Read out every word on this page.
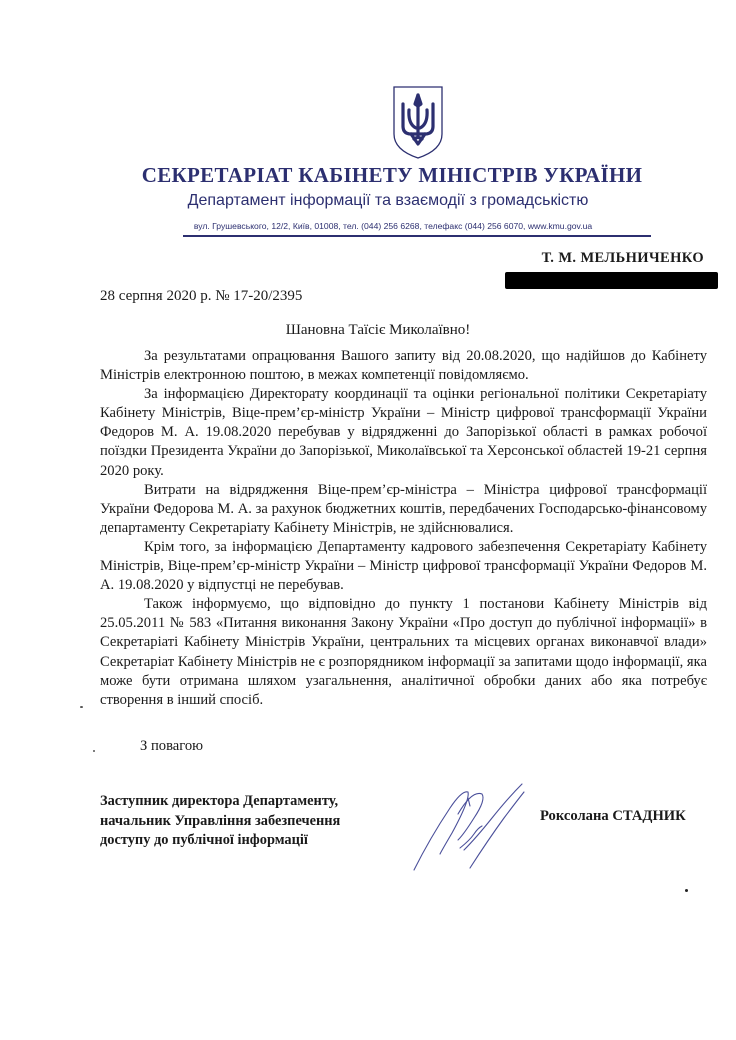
СЕКРЕТАРІАТ КАБІНЕТУ МІНІСТРІВ УКРАЇНИ
Департамент інформації та взаємодії з громадськістю
вул. Грушевського, 12/2, Київ, 01008, тел. (044) 256 6268, телефакс (044) 256 6070, www.kmu.gov.ua
Т. М. МЕЛЬНИЧЕНКО
28 серпня 2020 р. № 17-20/2395
Шановна Таїсіє Миколаївно!

За результатами опрацювання Вашого запиту від 20.08.2020, що надійшов до Кабінету Міністрів електронною поштою, в межах компетенції повідомляємо.

За інформацією Директорату координації та оцінки регіональної політики Секретаріату Кабінету Міністрів, Віце-прем’єр-міністр України – Міністр цифрової трансформації України Федоров М. А. 19.08.2020 перебував у відрядженні до Запорізької області в рамках робочої поїздки Президента України до Запорізької, Миколаївської та Херсонської областей 19-21 серпня 2020 року.

Витрати на відрядження Віце-прем’єр-міністра – Міністра цифрової трансформації України Федорова М. А. за рахунок бюджетних коштів, передбачених Господарсько-фінансовому департаменту Секретаріату Кабінету Міністрів, не здійснювалися.

Крім того, за інформацією Департаменту кадрового забезпечення Секретаріату Кабінету Міністрів, Віце-прем’єр-міністр України – Міністр цифрової трансформації України Федоров М. А. 19.08.2020 у відпустці не перебував.

Також інформуємо, що відповідно до пункту 1 постанови Кабінету Міністрів від 25.05.2011 № 583 «Питання виконання Закону України «Про доступ до публічної інформації» в Секретаріаті Кабінету Міністрів України, центральних та місцевих органах виконавчої влади» Секретаріат Кабінету Міністрів не є розпорядником інформації за запитами щодо інформації, яка може бути отримана шляхом узагальнення, аналітичної обробки даних або яка потребує створення в інший спосіб.

З повагою
Заступник директора Департаменту,
начальник Управління забезпечення
доступу до публічної інформації
Роксолана СТАДНИК
